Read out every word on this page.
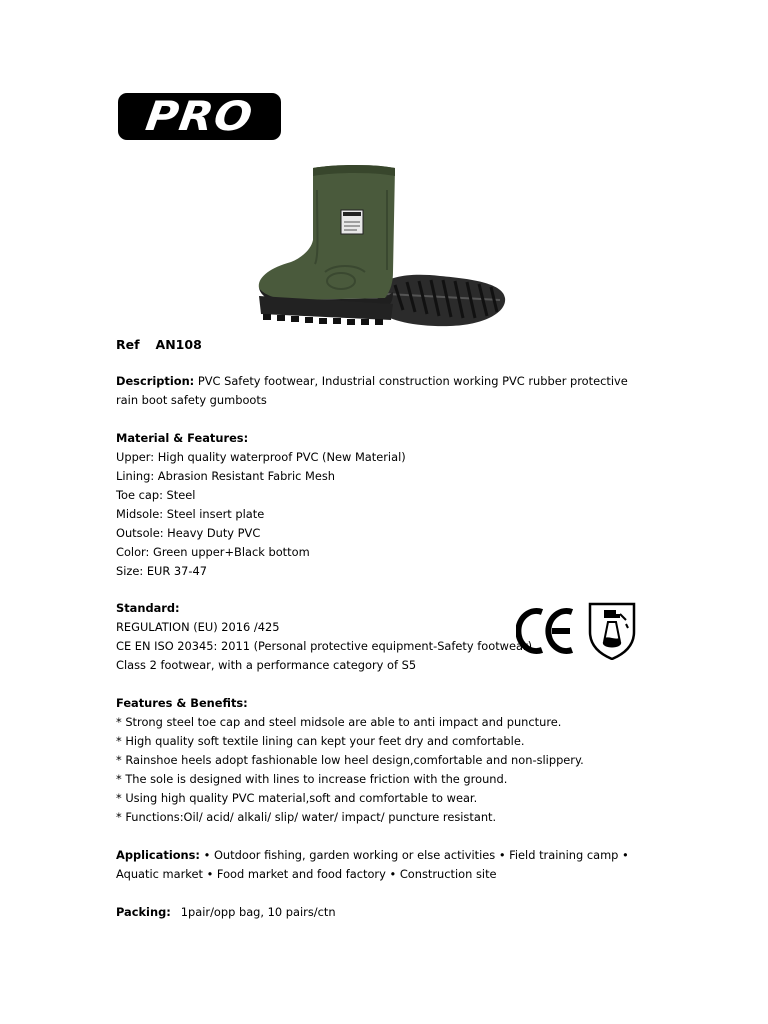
PRO
Ref AN108
Description: PVC Safety footwear, Industrial construction working PVC rubber protective rain boot safety gumboots
Material & Features:
Upper: High quality waterproof PVC (New Material)
Lining: Abrasion Resistant Fabric Mesh
Toe cap: Steel
Midsole: Steel insert plate
Outsole: Heavy Duty PVC
Color: Green upper+Black bottom
Size: EUR 37-47
Standard:
REGULATION (EU) 2016 /425
CE EN ISO 20345: 2011 (Personal protective equipment-Safety footwear)
Class 2 footwear, with a performance category of S5
Features & Benefits:
* Strong steel toe cap and steel midsole are able to anti impact and puncture.
* High quality soft textile lining can kept your feet dry and comfortable.
* Rainshoe heels adopt fashionable low heel design,comfortable and non-slippery.
* The sole is designed with lines to increase friction with the ground.
* Using high quality PVC material,soft and comfortable to wear.
* Functions:Oil/ acid/ alkali/ slip/ water/ impact/ puncture resistant.
Applications: • Outdoor fishing, garden working or else activities • Field training camp • Aquatic market • Food market and food factory • Construction site
Packing: 1pair/opp bag, 10 pairs/ctn
